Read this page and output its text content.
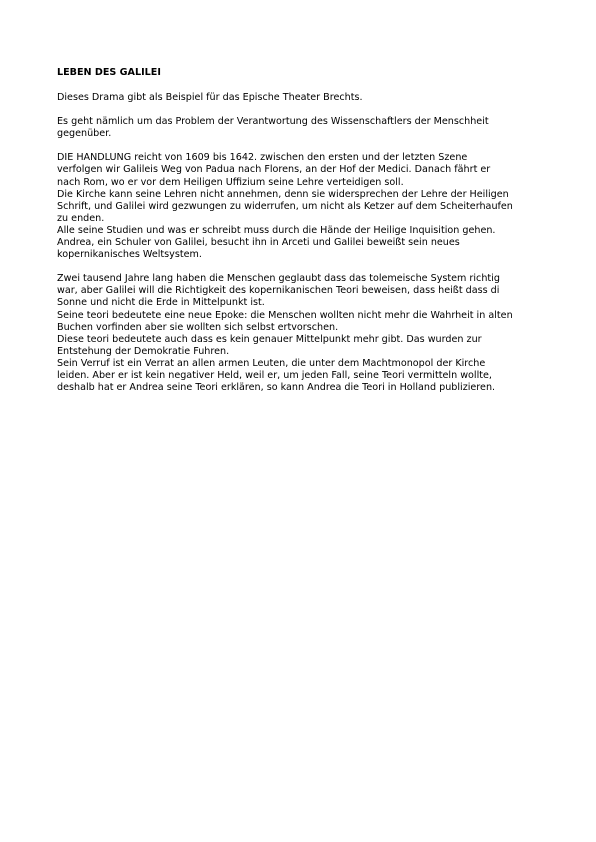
LEBEN DES GALILEI
Dieses Drama gibt als Beispiel für das Epische Theater Brechts.
Es geht nämlich um das Problem der Verantwortung des Wissenschaftlers der Menschheit
gegenüber.
DIE HANDLUNG reicht von 1609 bis 1642. zwischen den ersten und der letzten Szene
verfolgen wir Galileis Weg von Padua nach Florens, an der Hof der Medici. Danach fährt er
nach Rom, wo er vor dem Heiligen Uffizium seine Lehre verteidigen soll.
Die Kirche kann seine Lehren nicht annehmen, denn sie widersprechen der Lehre der Heiligen
Schrift, und Galilei wird gezwungen zu widerrufen, um nicht als Ketzer auf dem Scheiterhaufen
zu enden.
Alle seine Studien und was er schreibt muss durch die Hände der Heilige Inquisition gehen.
Andrea, ein Schuler von Galilei, besucht ihn in Arceti und Galilei beweißt sein neues
kopernikanisches Weltsystem.
Zwei tausend Jahre lang haben die Menschen geglaubt dass das tolemeische System richtig
war, aber Galilei will die Richtigkeit des kopernikanischen Teori beweisen, dass heißt dass di
Sonne und nicht die Erde in Mittelpunkt ist.
Seine teori bedeutete eine neue Epoke: die Menschen wollten nicht mehr die Wahrheit in alten
Buchen vorfinden aber sie wollten sich selbst ertvorschen.
Diese teori bedeutete auch dass es kein genauer Mittelpunkt mehr gibt. Das wurden zur
Entstehung der Demokratie Fuhren.
Sein Verruf ist ein Verrat an allen armen Leuten, die unter dem Machtmonopol der Kirche
leiden. Aber er ist kein negativer Held, weil er, um jeden Fall, seine Teori vermitteln wollte,
deshalb hat er Andrea seine Teori erklären, so kann Andrea die Teori in Holland publizieren.
